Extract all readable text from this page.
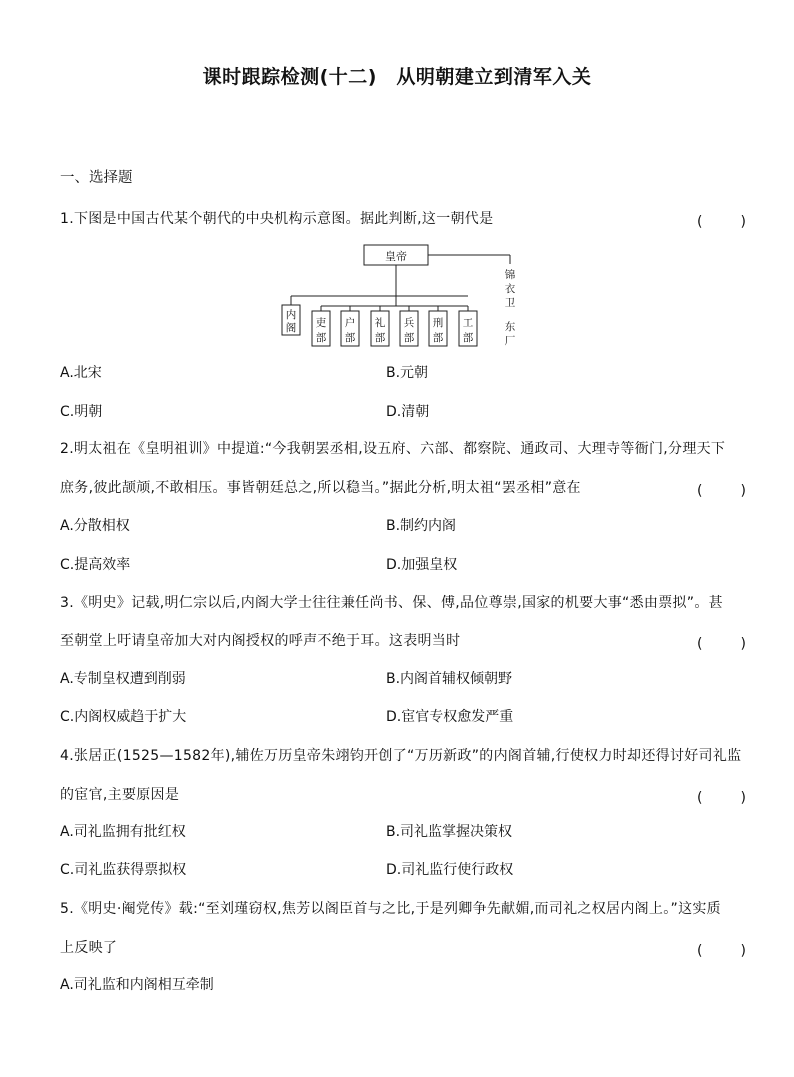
课时跟踪检测(十二)　从明朝建立到清军入关
一、选择题
1.下图是中国古代某个朝代的中央机构示意图。据此判断,这一朝代是	(　)
皇帝
内阁 吏部
户部
礼部
兵部
刑部
工部
锦衣卫
东厂
A.北宋	B.元朝
C.明朝	D.清朝
2.明太祖在《皇明祖训》中提道:“今我朝罢丞相,设五府、六部、都察院、通政司、大理寺等衙门,分理天下
庶务,彼此颉颃,不敢相压。事皆朝廷总之,所以稳当。”据此分析,明太祖“罢丞相”意在	(　)
A.分散相权	B.制约内阁
C.提高效率	D.加强皇权
3.《明史》记载,明仁宗以后,内阁大学士往往兼任尚书、保、傅,品位尊崇,国家的机要大事“悉由票拟”。甚
至朝堂上吁请皇帝加大对内阁授权的呼声不绝于耳。这表明当时	(　)
A.专制皇权遭到削弱	B.内阁首辅权倾朝野
C.内阁权威趋于扩大	D.宦官专权愈发严重
4.张居正(1525—1582年),辅佐万历皇帝朱翊钧开创了“万历新政”的内阁首辅,行使权力时却还得讨好司礼监
的宦官,主要原因是	(　)
A.司礼监拥有批红权	B.司礼监掌握决策权
C.司礼监获得票拟权	D.司礼监行使行政权
5.《明史·阉党传》载:“至刘瑾窃权,焦芳以阁臣首与之比,于是列卿争先献媚,而司礼之权居内阁上。”这实质
上反映了	(　)
A.司礼监和内阁相互牵制
